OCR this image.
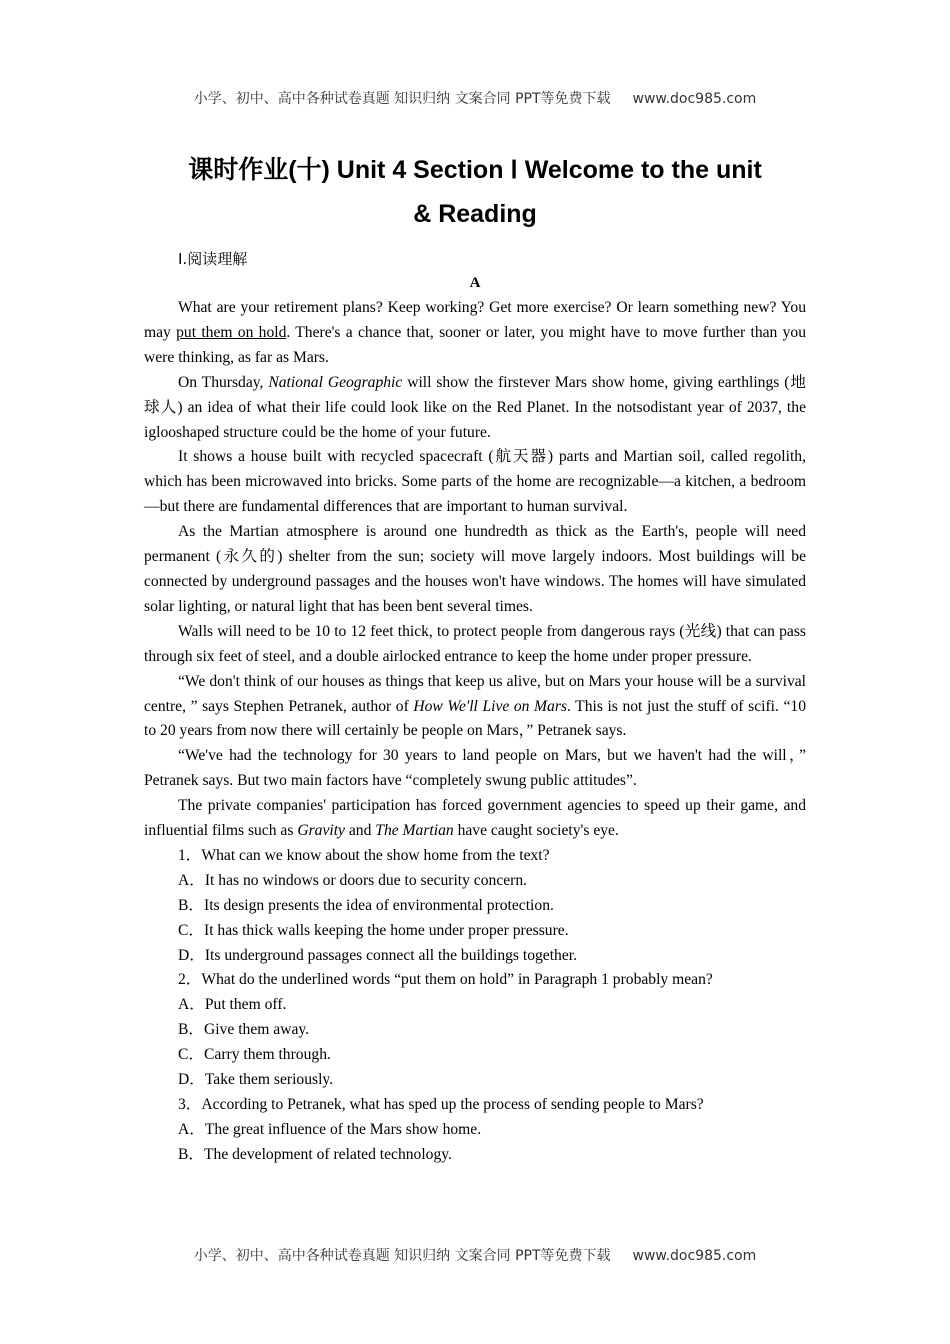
小学、初中、高中各种试卷真题 知识归纳 文案合同 PPT等免费下载 www.doc985.com
课时作业(十) Unit 4 Section Ⅰ Welcome to the unit
& Reading
Ⅰ.阅读理解
A

What are your retirement plans? Keep working? Get more exercise? Or learn something new? You may put them on hold. There's a chance that, sooner or later, you might have to move further than you were thinking, as far as Mars.

On Thursday, National Geographic will show the firstever Mars show home, giving earthlings (地球人) an idea of what their life could look like on the Red Planet. In the notsodistant year of 2037, the iglooshaped structure could be the home of your future.

It shows a house built with recycled spacecraft (航天器) parts and Martian soil, called regolith, which has been microwaved into bricks. Some parts of the home are recognizable—a kitchen, a bedroom—but there are fundamental differences that are important to human survival.

As the Martian atmosphere is around one hundredth as thick as the Earth's, people will need permanent (永久的) shelter from the sun; society will move largely indoors. Most buildings will be connected by underground passages and the houses won't have windows. The homes will have simulated solar lighting, or natural light that has been bent several times.

Walls will need to be 10 to 12 feet thick, to protect people from dangerous rays (光线) that can pass through six feet of steel, and a double airlocked entrance to keep the home under proper pressure.

“We don't think of our houses as things that keep us alive, but on Mars your house will be a survival centre, ” says Stephen Petranek, author of How We'll Live on Mars. This is not just the stuff of scifi. “10 to 20 years from now there will certainly be people on Mars，” Petranek says.

“We've had the technology for 30 years to land people on Mars, but we haven't had the will，” Petranek says. But two main factors have “completely swung public attitudes”.

The private companies' participation has forced government agencies to speed up their game, and influential films such as Gravity and The Martian have caught society's eye.

1．What can we know about the show home from the text?
A．It has no windows or doors due to security concern.
B．Its design presents the idea of environmental protection.
C．It has thick walls keeping the home under proper pressure.
D．Its underground passages connect all the buildings together.
2．What do the underlined words “put them on hold” in Paragraph 1 probably mean?
A．Put them off.
B．Give them away.
C．Carry them through.
D．Take them seriously.
3．According to Petranek, what has sped up the process of sending people to Mars?
A．The great influence of the Mars show home.
B．The development of related technology.
小学、初中、高中各种试卷真题 知识归纳 文案合同 PPT等免费下载 www.doc985.com
